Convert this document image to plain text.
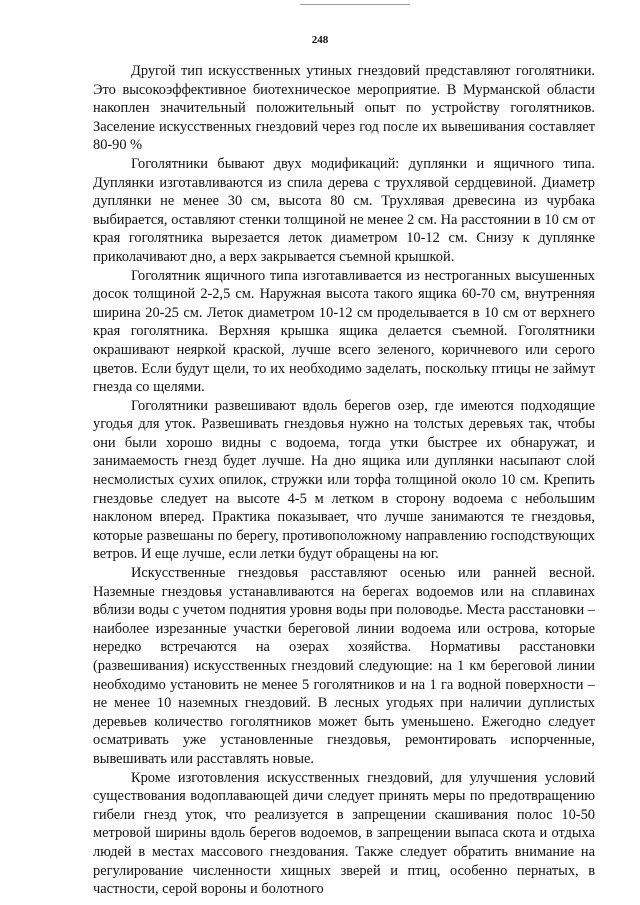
248

Другой тип искусственных утиных гнездовий представляют гоголятники. Это высокоэффективное биотехническое мероприятие. В Мурманской области накоплен значительный положительный опыт по устройству гоголятников. Заселение искусственных гнездовий через год после их вывешивания составляет 80-90 %

Гоголятники бывают двух модификаций: дуплянки и ящичного типа. Дуплянки изготавливаются из спила дерева с трухлявой сердцевиной. Диаметр дуплянки не менее 30 см, высота 80 см. Трухлявая древесина из чурбака выбирается, оставляют стенки толщиной не менее 2 см. На расстоянии в 10 см от края гоголятника вырезается леток диаметром 10-12 см. Снизу к дуплянке приколачивают дно, а верх закрывается съемной крышкой.

Гоголятник ящичного типа изготавливается из нестроганных высушенных досок толщиной 2-2,5 см. Наружная высота такого ящика 60-70 см, внутренняя ширина 20-25 см. Леток диаметром 10-12 см проделывается в 10 см от верхнего края гоголятника. Верхняя крышка ящика делается съемной. Гоголятники окрашивают неяркой краской, лучше всего зеленого, коричневого или серого цветов. Если будут щели, то их необходимо заделать, поскольку птицы не займут гнезда со щелями.

Гоголятники развешивают вдоль берегов озер, где имеются подходящие угодья для уток. Развешивать гнездовья нужно на толстых деревьях так, чтобы они были хорошо видны с водоема, тогда утки быстрее их обнаружат, и занимаемость гнезд будет лучше. На дно ящика или дуплянки насыпают слой несмолистых сухих опилок, стружки или торфа толщиной около 10 см. Крепить гнездовье следует на высоте 4-5 м летком в сторону водоема с небольшим наклоном вперед. Практика показывает, что лучше занимаются те гнездовья, которые развешаны по берегу, противоположному направлению господствующих ветров. И еще лучше, если летки будут обращены на юг.

Искусственные гнездовья расставляют осенью или ранней весной. Наземные гнездовья устанавливаются на берегах водоемов или на сплавинах вблизи воды с учетом поднятия уровня воды при половодье. Места расстановки – наиболее изрезанные участки береговой линии водоема или острова, которые нередко встречаются на озерах хозяйства. Нормативы расстановки (развешивания) искусственных гнездовий следующие: на 1 км береговой линии необходимо установить не менее 5 гоголятников и на 1 га водной поверхности – не менее 10 наземных гнездовий. В лесных угодьях при наличии дуплистых деревьев количество гоголятников может быть уменьшено. Ежегодно следует осматривать уже установленные гнездовья, ремонтировать испорченные, вывешивать или расставлять новые.

Кроме изготовления искусственных гнездовий, для улучшения условий существования водоплавающей дичи следует принять меры по предотвращению гибели гнезд уток, что реализуется в запрещении скашивания полос 10-50 метровой ширины вдоль берегов водоемов, в запрещении выпаса скота и отдыха людей в местах массового гнездования. Также следует обратить внимание на регулирование численности хищных зверей и птиц, особенно пернатых, в частности, серой вороны и болотного
